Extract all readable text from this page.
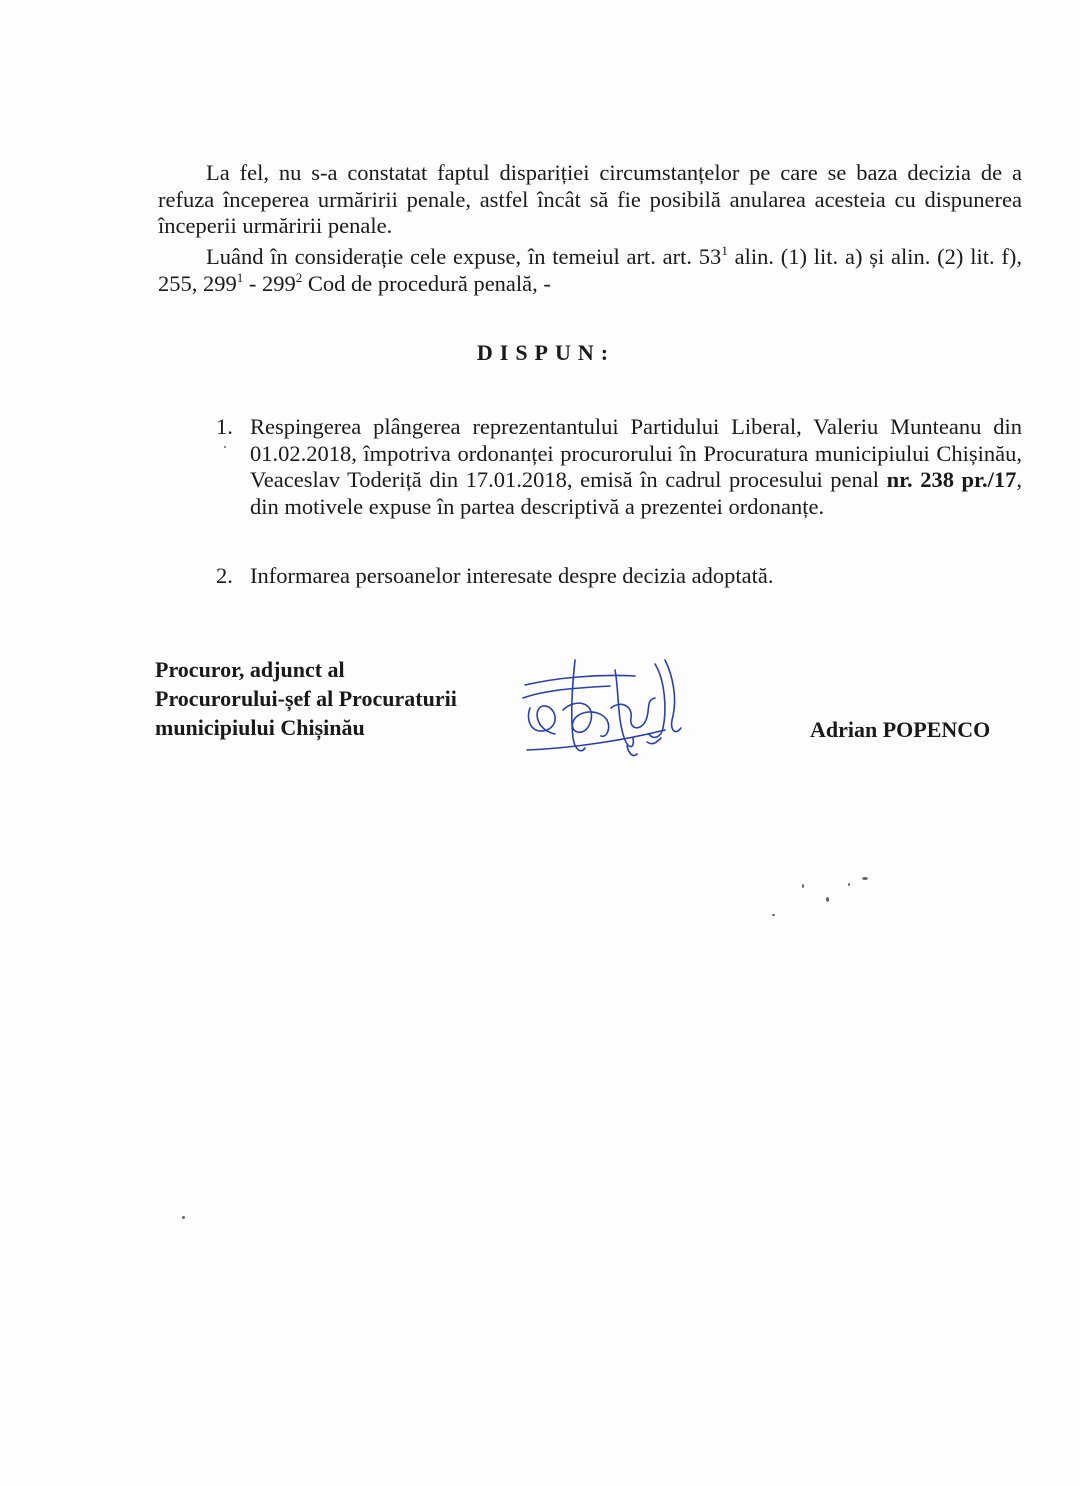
La fel, nu s-a constatat faptul dispariției circumstanțelor pe care se baza decizia de a refuza începerea urmăririi penale, astfel încât să fie posibilă anularea acesteia cu dispunerea începerii urmăririi penale.

Luând în considerație cele expuse, în temeiul art. art. $53^1$ alin. (1) lit. a) și alin. (2) lit. f), 255, $299^1 - 299^2$ Cod de procedură penală, -

DISPUN:
1. Respingerea plângerea reprezentantului Partidului Liberal, Valeriu Munteanu din 01.02.2018, împotriva ordonanței procurorului în Procuratura municipiului Chișinău, Veaceslav Toderiță din 17.01.2018, emisă în cadrul procesului penal nr. 238 pr./17, din motivele expuse în partea descriptivă a prezentei ordonanțe.
2. Informarea persoanelor interesate despre decizia adoptată.
Procuror, adjunct al
Procurorului-șef al Procuraturii
municipiului Chișinău	Adrian POPENCO
